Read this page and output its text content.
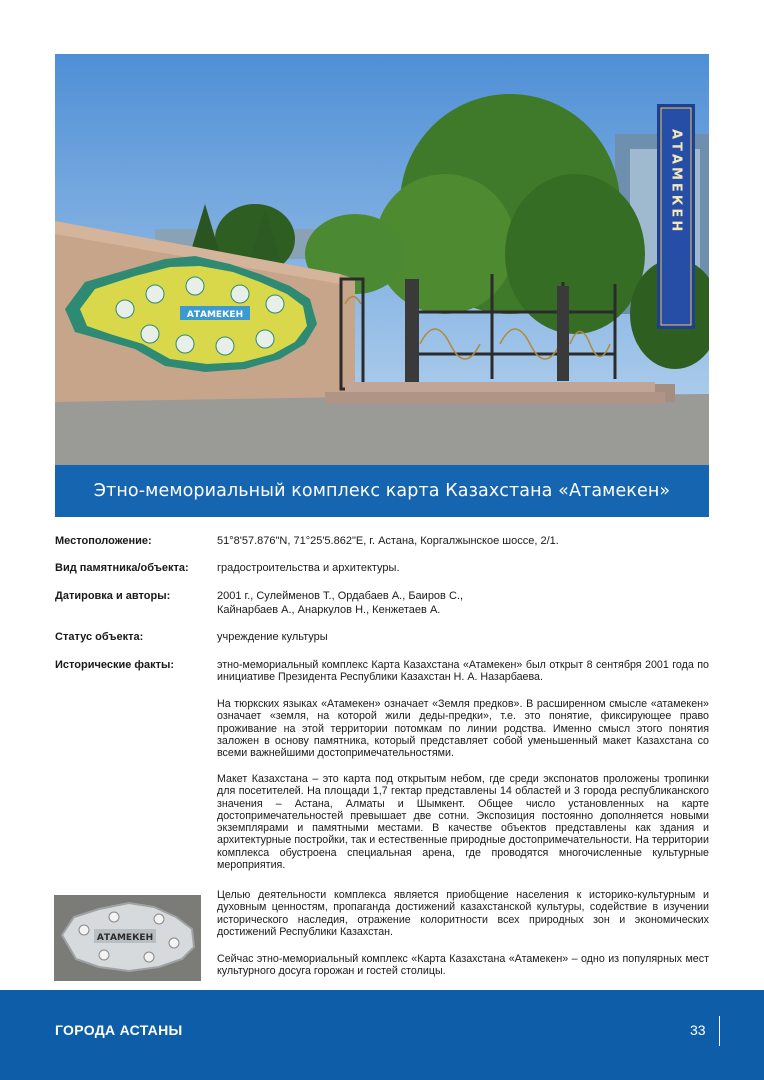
АТАМЕКЕН
АТАМЕКЕН
Этно-мемориальный комплекс карта Казахстана «Атамекен»
Местоположение:	51°8'57.876"N, 71°25'5.862"E, г. Астана, Коргалжынское шоссе, 2/1.
Вид памятника/объекта:	градостроительства и архитектуры.
Датировка и авторы:	2001 г., Сулейменов Т., Ордабаев А., Баиров С.,
Кайнарбаев А., Анаркулов Н., Кенжетаев А.
Статус объекта:	учреждение культуры
Исторические факты:	этно-мемориальный комплекс Карта Казахстана «Атамекен» был открыт 8 сентября 2001 года по инициативе Президента Республики Казахстан Н. А. Назарбаева.
На тюркских языках «Атамекен» означает «Земля предков». В расширенном смысле «атамекен» означает «земля, на которой жили деды-предки», т.е. это понятие, фиксирующее право проживание на этой территории потомкам по линии родства. Именно смысл этого понятия заложен в основу памятника, который представляет собой уменьшенный макет Казахстана со всеми важнейшими достопримечательностями.
Макет Казахстана – это карта под открытым небом, где среди экспонатов проложены тропинки для посетителей. На площади 1,7 гектар представлены 14 областей и 3 города республиканского значения – Астана, Алматы и Шымкент. Общее число установленных на карте достопримечательностей превышает две сотни. Экспозиция постоянно дополняется новыми экземплярами и памятными местами. В качестве объектов представлены как здания и архитектурные постройки, так и естественные природные достопримечательности. На территории комплекса обустроена специальная арена, где проводятся многочисленные культурные мероприятия.
Целью деятельности комплекса является приобщение населения к историко-культурным и духовным ценностям, пропаганда достижений казахстанской культуры, содействие в изучении исторического наследия, отражение колоритности всех природных зон и экономических достижений Республики Казахстан.
Сейчас этно-мемориальный комплекс «Карта Казахстана «Атамекен» – одно из популярных мест культурного досуга горожан и гостей столицы.
АТАМЕКЕН
ГОРОДА АСТАНЫ	33
